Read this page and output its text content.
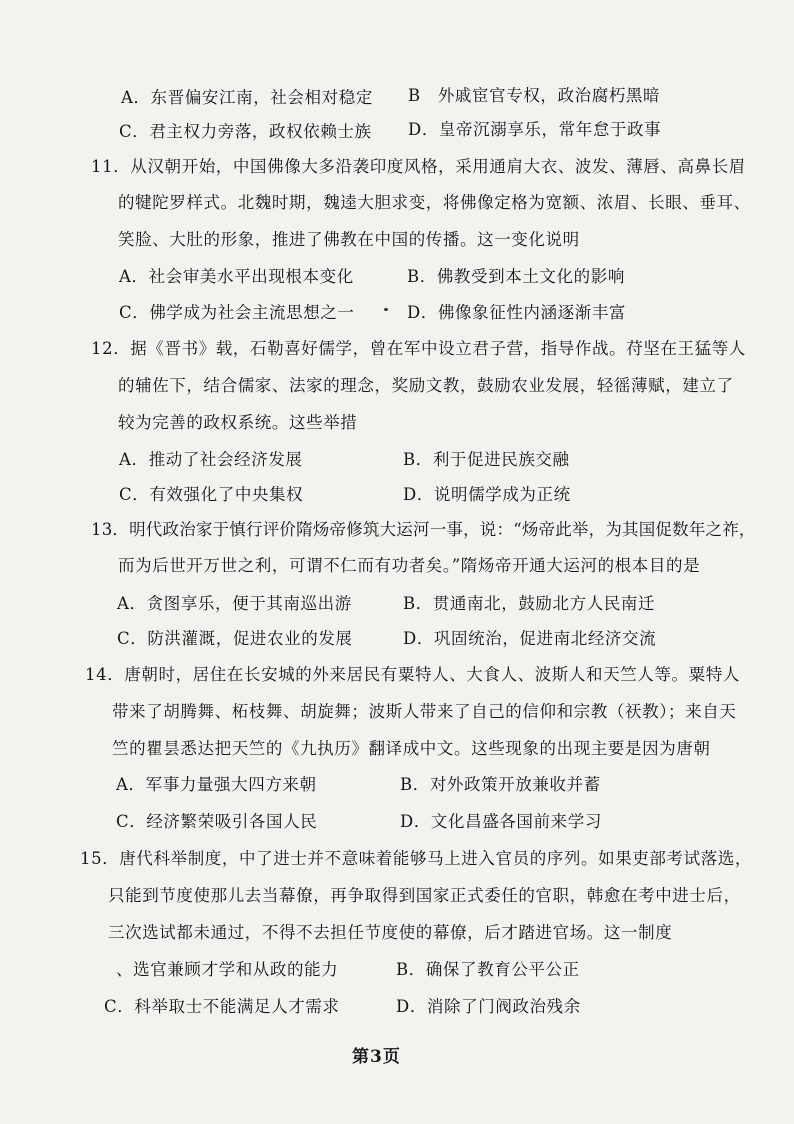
A．东晋偏安江南，社会相对稳定 B　外戚宦官专权，政治腐朽黑暗
C．君主权力旁落，政权依赖士族 D．皇帝沉溺享乐，常年怠于政事
11．从汉朝开始，中国佛像大多沿袭印度风格，采用通肩大衣、波发、薄唇、高鼻长眉
的犍陀罗样式。北魏时期，魏逵大胆求变，将佛像定格为宽额、浓眉、长眼、垂耳、
笑脸、大肚的形象，推进了佛教在中国的传播。这一变化说明
A．社会审美水平出现根本变化	B．佛教受到本土文化的影响
C．佛学成为社会主流思想之一	D．佛像象征性内涵逐渐丰富
12．据《晋书》载，石勒喜好儒学，曾在军中设立君子营，指导作战。苻坚在王猛等人
的辅佐下，结合儒家、法家的理念，奖励文教，鼓励农业发展，轻徭薄赋，建立了
较为完善的政权系统。这些举措
A．推动了社会经济发展	B．利于促进民族交融
C．有效强化了中央集权	D．说明儒学成为正统
13．明代政治家于慎行评价隋炀帝修筑大运河一事，说：“炀帝此举，为其国促数年之祚，
而为后世开万世之利，可谓不仁而有功者矣。”隋炀帝开通大运河的根本目的是
A．贪图享乐，便于其南巡出游	B．贯通南北，鼓励北方人民南迁
C．防洪灌溉，促进农业的发展	D．巩固统治，促进南北经济交流
14．唐朝时，居住在长安城的外来居民有粟特人、大食人、波斯人和天竺人等。粟特人
带来了胡腾舞、柘枝舞、胡旋舞；波斯人带来了自己的信仰和宗教（祆教）；来自天
竺的瞿昙悉达把天竺的《九执历》翻译成中文。这些现象的出现主要是因为唐朝
A．军事力量强大四方来朝	B．对外政策开放兼收并蓄
C．经济繁荣吸引各国人民	D．文化昌盛各国前来学习
15．唐代科举制度，中了进士并不意味着能够马上进入官员的序列。如果吏部考试落选，
只能到节度使那儿去当幕僚，再争取得到国家正式委任的官职，韩愈在考中进士后，
三次选试都未通过，不得不去担任节度使的幕僚，后才踏进官场。这一制度
、选官兼顾才学和从政的能力	B．确保了教育公平公正
C．科举取士不能满足人才需求	D．消除了门阀政治残余
第3页
